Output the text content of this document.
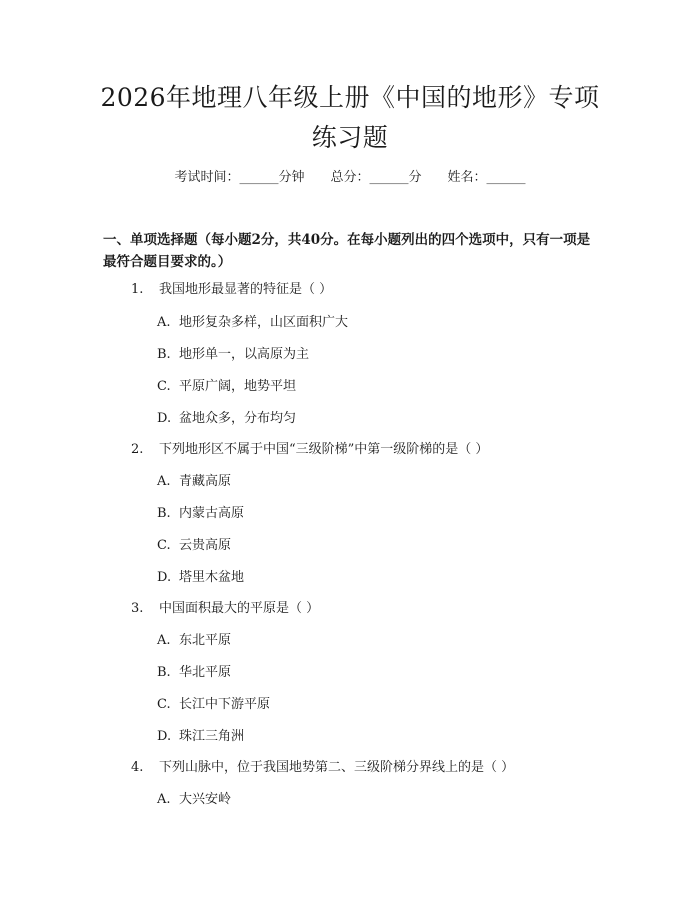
2026年地理八年级上册《中国的地形》专项
练习题
考试时间：______分钟 总分：______分 姓名：______
一、单项选择题（每小题2分，共40分。在每小题列出的四个选项中，只有一项是最符合题目要求的。）
1. 我国地形最显著的特征是（ ）
A. 地形复杂多样，山区面积广大
B. 地形单一，以高原为主
C. 平原广阔，地势平坦
D. 盆地众多，分布均匀
2. 下列地形区不属于中国“三级阶梯”中第一级阶梯的是（ ）
A. 青藏高原
B. 内蒙古高原
C. 云贵高原
D. 塔里木盆地
3. 中国面积最大的平原是（ ）
A. 东北平原
B. 华北平原
C. 长江中下游平原
D. 珠江三角洲
4. 下列山脉中，位于我国地势第二、三级阶梯分界线上的是（ ）
A. 大兴安岭
